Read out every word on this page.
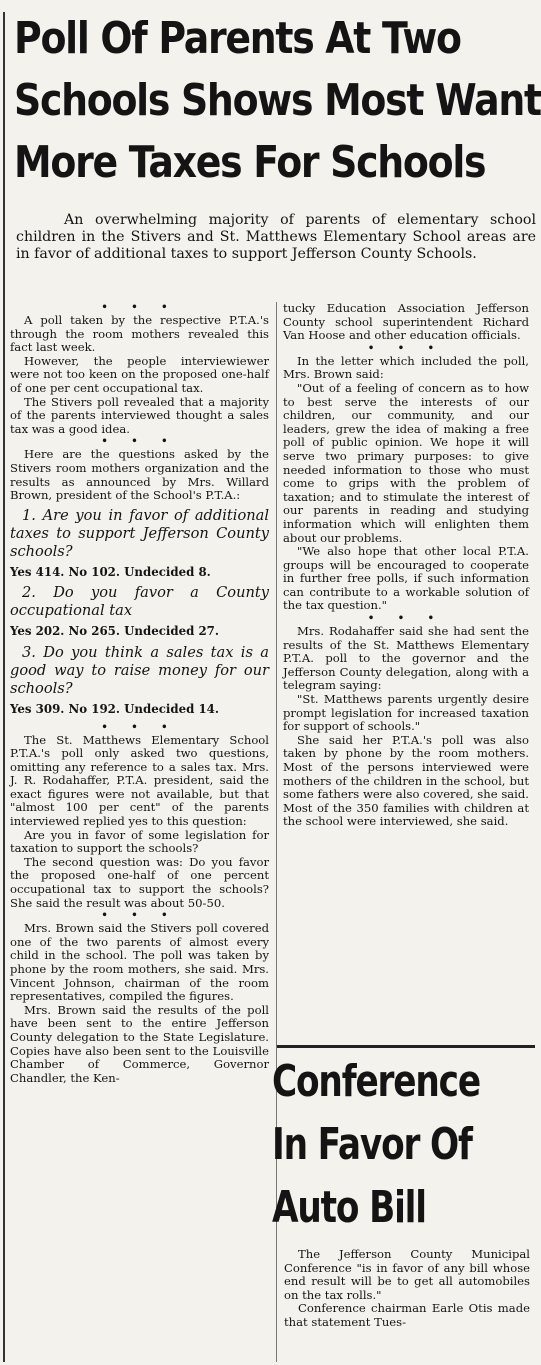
Poll Of Parents At Two
Schools Shows Most Want
More Taxes For Schools

An overwhelming majority of parents of elementary school children in the Stivers and St. Matthews Elementary School areas are in favor of additional taxes to support Jefferson County Schools.

• • •

A poll taken by the respective P.T.A.'s through the room mothers revealed this fact last week.

However, the people interviewiewer were not too keen on the proposed one-half of one per cent occupational tax.

The Stivers poll revealed that a majority of the parents interviewed thought a sales tax was a good idea.

• • •

Here are the questions asked by the Stivers room mothers organization and the results as announced by Mrs. Willard Brown, president of the School's P.T.A.:

1. Are you in favor of additional taxes to support Jefferson County schools?

Yes 414. No 102. Undecided 8.

2. Do you favor a County occupational tax

Yes 202. No 265. Undecided 27.

3. Do you think a sales tax is a good way to raise money for our schools?

Yes 309. No 192. Undecided 14.

• • •

The St. Matthews Elementary School P.T.A.'s poll only asked two questions, omitting any reference to a sales tax. Mrs. J. R. Rodahaffer, P.T.A. president, said the exact figures were not available, but that "almost 100 per cent" of the parents interviewed replied yes to this question:

Are you in favor of some legislation for taxation to support the schools?

The second question was: Do you favor the proposed one-half of one percent occupational tax to support the schools? She said the result was about 50-50.

• • •

Mrs. Brown said the Stivers poll covered one of the two parents of almost every child in the school. The poll was taken by phone by the room mothers, she said. Mrs. Vincent Johnson, chairman of the room representatives, compiled the figures.

Mrs. Brown said the results of the poll have been sent to the entire Jefferson County delegation to the State Legislature. Copies have also been sent to the Louisville Chamber of Commerce, Governor Chandler, the Ken-

tucky Education Association Jefferson County school superintendent Richard Van Hoose and other education officials.

• • •

In the letter which included the poll, Mrs. Brown said:

"Out of a feeling of concern as to how to best serve the interests of our children, our community, and our leaders, grew the idea of making a free poll of public opinion. We hope it will serve two primary purposes: to give needed information to those who must come to grips with the problem of taxation; and to stimulate the interest of our parents in reading and studying information which will enlighten them about our problems.

"We also hope that other local P.T.A. groups will be encouraged to cooperate in further free polls, if such information can contribute to a workable solution of the tax question."

• • •

Mrs. Rodahaffer said she had sent the results of the St. Matthews Elementary P.T.A. poll to the governor and the Jefferson County delegation, along with a telegram saying:

"St. Matthews parents urgently desire prompt legislation for increased taxation for support of schools."

She said her P.T.A.'s poll was also taken by phone by the room mothers. Most of the persons interviewed were mothers of the children in the school, but some fathers were also covered, she said. Most of the 350 families with children at the school were interviewed, she said.

Conference
In Favor Of
Auto Bill

The Jefferson County Municipal Conference "is in favor of any bill whose end result will be to get all automobiles on the tax rolls."

Conference chairman Earle Otis made that statement Tues-
